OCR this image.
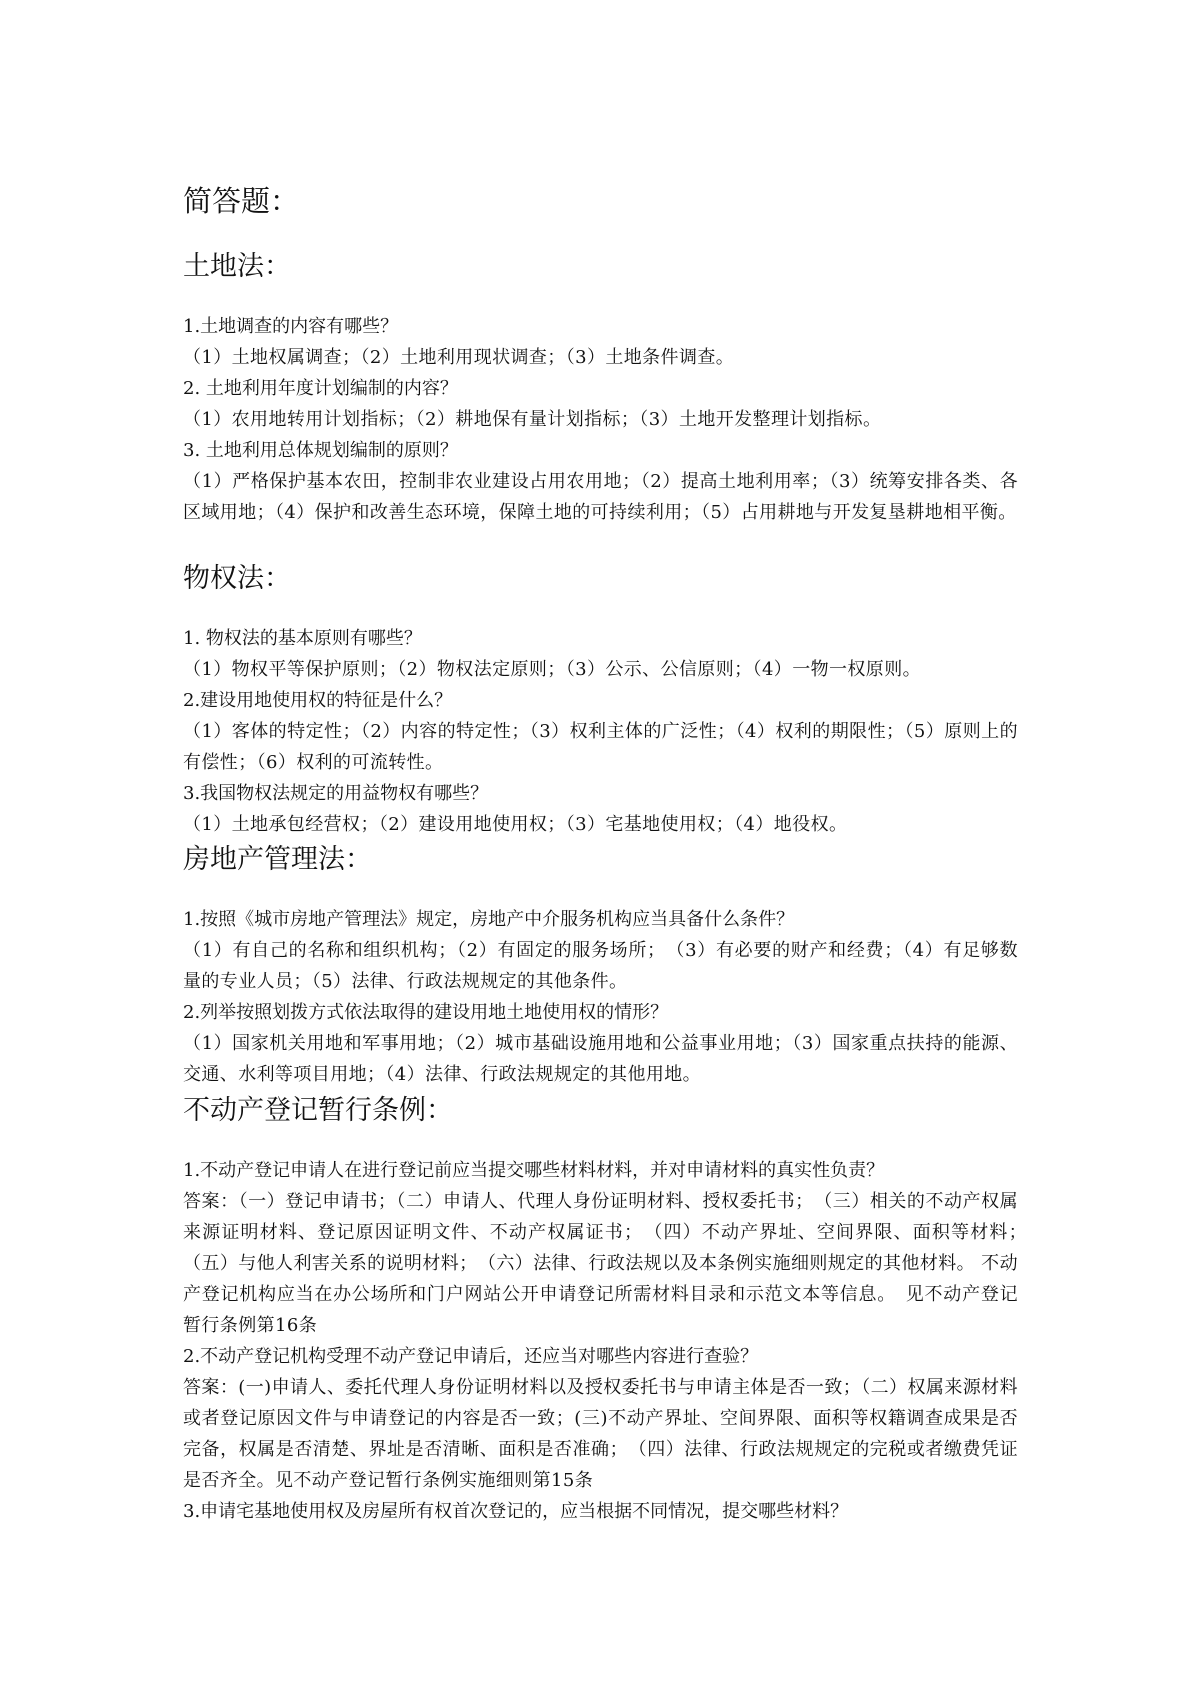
简答题：
土地法：

1.土地调查的内容有哪些？

（1）土地权属调查；（2）土地利用现状调查；（3）土地条件调查。

2. 土地利用年度计划编制的内容？

（1）农用地转用计划指标；（2）耕地保有量计划指标；（3）土地开发整理计划指标。

3. 土地利用总体规划编制的原则？

（1）严格保护基本农田，控制非农业建设占用农用地；（2）提高土地利用率；（3）统筹安排各类、各区域用地；（4）保护和改善生态环境，保障土地的可持续利用；（5）占用耕地与开发复垦耕地相平衡。

物权法：

1. 物权法的基本原则有哪些？

（1）物权平等保护原则；（2）物权法定原则；（3）公示、公信原则；（4）一物一权原则。

2.建设用地使用权的特征是什么？

（1）客体的特定性；（2）内容的特定性；（3）权利主体的广泛性；（4）权利的期限性；（5）原则上的有偿性；（6）权利的可流转性。

3.我国物权法规定的用益物权有哪些？

（1）土地承包经营权；（2）建设用地使用权；（3）宅基地使用权；（4）地役权。

房地产管理法：

1.按照《城市房地产管理法》规定，房地产中介服务机构应当具备什么条件？

（1）有自己的名称和组织机构；（2）有固定的服务场所；　（3）有必要的财产和经费；（4）有足够数量的专业人员；（5）法律、行政法规规定的其他条件。

2.列举按照划拨方式依法取得的建设用地土地使用权的情形？

（1）国家机关用地和军事用地；（2）城市基础设施用地和公益事业用地；（3）国家重点扶持的能源、交通、水利等项目用地；（4）法律、行政法规规定的其他用地。

不动产登记暂行条例：

1.不动产登记申请人在进行登记前应当提交哪些材料材料，并对申请材料的真实性负责？

答案：（一）登记申请书；（二）申请人、代理人身份证明材料、授权委托书；　（三）相关的不动产权属来源证明材料、登记原因证明文件、不动产权属证书；　（四）不动产界址、空间界限、面积等材料；　（五）与他人利害关系的说明材料；　（六）法律、行政法规以及本条例实施细则规定的其他材料。 不动产登记机构应当在办公场所和门户网站公开申请登记所需材料目录和示范文本等信息。　见不动产登记暂行条例第16条

2.不动产登记机构受理不动产登记申请后，还应当对哪些内容进行查验？

答案：(一)申请人、委托代理人身份证明材料以及授权委托书与申请主体是否一致；（二）权属来源材料或者登记原因文件与申请登记的内容是否一致；(三)不动产界址、空间界限、面积等权籍调查成果是否完备，权属是否清楚、界址是否清晰、面积是否准确；　（四）法律、行政法规规定的完税或者缴费凭证是否齐全。见不动产登记暂行条例实施细则第15条

3.申请宅基地使用权及房屋所有权首次登记的，应当根据不同情况，提交哪些材料？
